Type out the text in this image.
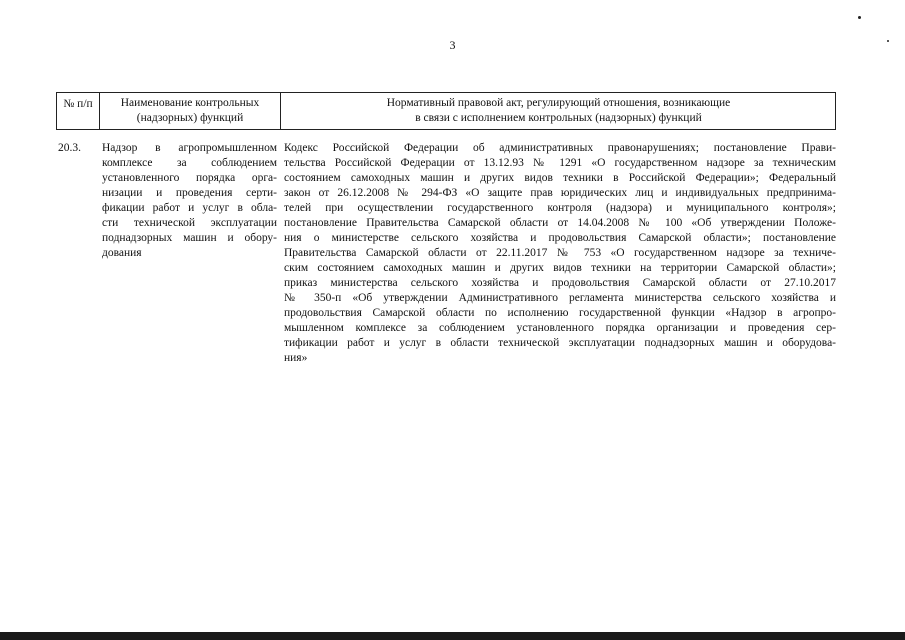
3
№ п/п	Наименование контрольных
(надзорных) функций
Нормативный правовой акт, регулирующий отношения, возникающие
в связи с исполнением контрольных (надзорных) функций
20.3.	Надзор в агропромышленном
комплексе за соблюдением
установленного порядка орга-
низации и проведения серти-
фикации работ и услуг в обла-
сти технической эксплуатации
поднадзорных машин и обору-
дования
Кодекс Российской Федерации об административных правонарушениях; постановление Прави-
тельства Российской Федерации от 13.12.93 № 1291 «О государственном надзоре за техническим
состоянием самоходных машин и других видов техники в Российской Федерации»; Федеральный
закон от 26.12.2008 № 294-ФЗ «О защите прав юридических лиц и индивидуальных предпринима-
телей при осуществлении государственного контроля (надзора) и муниципального контроля»;
постановление Правительства Самарской области от 14.04.2008 № 100 «Об утверждении Положе-
ния о министерстве сельского хозяйства и продовольствия Самарской области»; постановление
Правительства Самарской области от 22.11.2017 № 753 «О государственном надзоре за техниче-
ским состоянием самоходных машин и других видов техники на территории Самарской области»;
приказ министерства сельского хозяйства и продовольствия Самарской области от 27.10.2017
№ 350-п «Об утверждении Административного регламента министерства сельского хозяйства и
продовольствия Самарской области по исполнению государственной функции «Надзор в агропро-
мышленном комплексе за соблюдением установленного порядка организации и проведения сер-
тификации работ и услуг в области технической эксплуатации поднадзорных машин и оборудова-
ния»
